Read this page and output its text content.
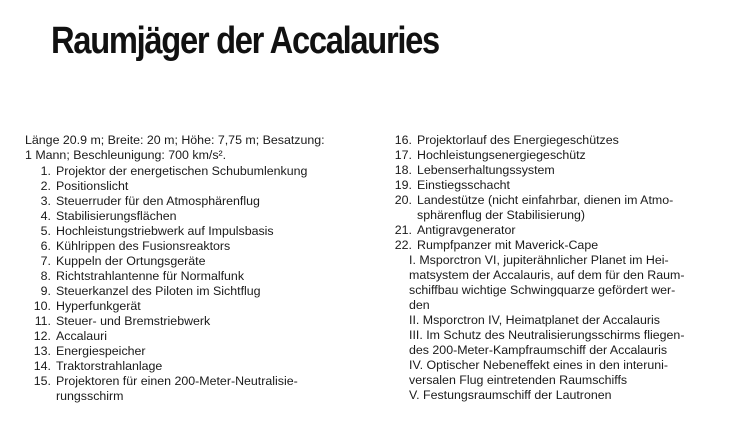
Raumjäger der Accalauries
Länge 20.9 m; Breite: 20 m; Höhe: 7,75 m; Besatzung:
1 Mann; Beschleunigung: 700 km/s².
1. Projektor der energetischen Schubumlenkung
2. Positionslicht
3. Steuerruder für den Atmosphärenflug
4. Stabilisierungsflächen
5. Hochleistungstriebwerk auf Impulsbasis
6. Kühlrippen des Fusionsreaktors
7. Kuppeln der Ortungsgeräte
8. Richtstrahlantenne für Normalfunk
9. Steuerkanzel des Piloten im Sichtflug
10. Hyperfunkgerät
11. Steuer- und Bremstriebwerk
12. Accalauri
13. Energiespeicher
14. Traktorstrahlanlage
15. Projektoren für einen 200-Meter-Neutralisie-
rungsschirm
16. Projektorlauf des Energiegeschützes
17. Hochleistungsenergiegeschütz
18. Lebenserhaltungssystem
19. Einstiegsschacht
20. Landestütze (nicht einfahrbar, dienen im Atmo-
sphärenflug der Stabilisierung)
21. Antigravgenerator
22. Rumpfpanzer mit Maverick-Cape
I. Msporctron VI, jupiterähnlicher Planet im Hei-
matsystem der Accalauris, auf dem für den Raum-
schiffbau wichtige Schwingquarze gefördert wer-
den
II. Msporctron IV, Heimatplanet der Accalauris
III. Im Schutz des Neutralisierungsschirms fliegen-
des 200-Meter-Kampfraumschiff der Accalauris
IV. Optischer Nebeneffekt eines in den interuni-
versalen Flug eintretenden Raumschiffs
V. Festungsraumschiff der Lautronen
